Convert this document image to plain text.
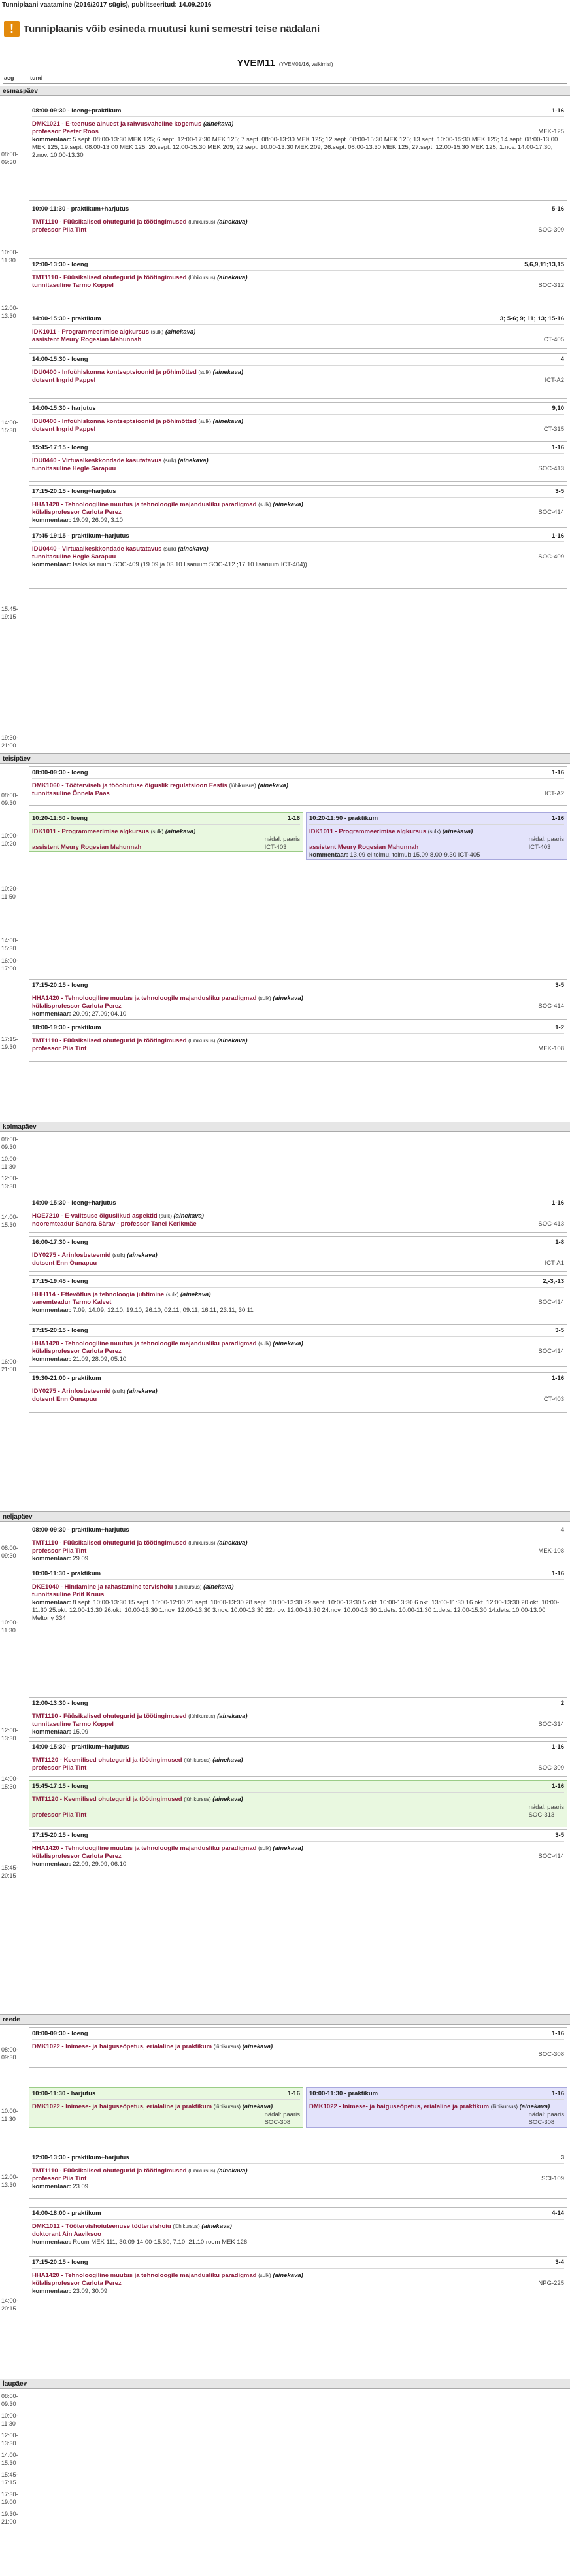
Tunniplaani vaatamine (2016/2017 sügis), publitseeritud: 14.09.2016
!	Tunniplaanis võib esineda muutusi kuni semestri teise nädalani
YVEM11 (YVEM01/16, vaikimisi)
aeg	tund
08:00-09:30 - loeng+praktikum	1-16
DMK1021 - E-teenuse ainuest ja rahvusvaheline kogemus (ainekava)
professor Peeter Roos	MEK-125
kommentaar: 5.sept. 08:00-13:30 MEK 125; 6.sept. 12:00-17:30 MEK 125; 7.sept. 08:00-13:30 MEK 125; 12.sept. 08:00-15:30 MEK 125; 13.sept. 10:00-15:30 MEK 125; 14.sept. 08:00-13:00 MEK 125; 19.sept. 08:00-13:00 MEK 125; 20.sept. 12:00-15:30 MEK 209; 22.sept. 10:00-13:30 MEK 209; 26.sept. 08:00-13:30 MEK 125; 27.sept. 12:00-15:30 MEK 125; 1.nov. 14:00-17:30; 2.nov. 10:00-13:30
10:00-11:30 - praktikum+harjutus	5-16
TMT1110 - Füüsikalised ohutegurid ja töötingimused (lühikursus) (ainekava)
professor Piia Tint	SOC-309
12:00-13:30 - loeng	5,6,9,11;13,15
TMT1110 - Füüsikalised ohutegurid ja töötingimused (lühikursus) (ainekava)
tunnitasuline Tarmo Koppel	SOC-312
14:00-15:30 - praktikum	3; 5-6; 9; 11; 13; 15-16
IDK1011 - Programmeerimise algkursus (sulk) (ainekava)
assistent Meury Rogesian Mahunnah	ICT-405
14:00-15:30 - loeng	4
IDU0400 - Infoühiskonna kontseptsioonid ja põhimõtted (sulk) (ainekava)
dotsent Ingrid Pappel	ICT-A2
14:00-15:30 - harjutus	9,10
IDU0400 - Infoühiskonna kontseptsioonid ja põhimõtted (sulk) (ainekava)
dotsent Ingrid Pappel	ICT-315
15:45-17:15 - loeng	1-16
IDU0440 - Virtuaalkeskkondade kasutatavus (sulk) (ainekava)
tunnitasuline Hegle Sarapuu	SOC-413
17:15-20:15 - loeng+harjutus	3-5
HHA1420 - Tehnoloogiline muutus ja tehnoloogile majandusliku paradigmad (sulk) (ainekava)
külalisprofessor Carlota Perez	SOC-414
kommentaar: 19.09; 26.09; 3.10
17:45-19:15 - praktikum+harjutus	1-16
IDU0440 - Virtuaalkeskkondade kasutatavus (sulk) (ainekava)
tunnitasuline Hegle Sarapuu	SOC-409
kommentaar: Isaks ka ruum SOC-409 (19.09 ja 03.10 lisaruum SOC-412 ;17.10 lisaruum ICT-404))
08:00-09:30 - loeng	1-16
DMK1060 - Tööterviseh ja tööohutuse õiguslik regulatsioon Eestis (lühikursus) (ainekava)
tunnitasuline Õnnela Paas	ICT-A2
10:20-11:50 - loeng	1-16
IDK1011 - Programmeerimise algkursus (sulk) (ainekava)
assistent Meury Rogesian Mahunnah
nädal: paaris
ICT-403
10:20-11:50 - praktikum	1-16
IDK1011 - Programmeerimise algkursus (sulk) (ainekava)
assistent Meury Rogesian Mahunnah
nädal: paaris
ICT-403
kommentaar: 13.09 ei toimu, toimub 15.09 8.00-9.30 ICT-405
17:15-20:15 - loeng	3-5
HHA1420 - Tehnoloogiline muutus ja tehnoloogile majandusliku paradigmad (sulk) (ainekava)
külalisprofessor Carlota Perez	SOC-414
kommentaar: 20.09; 27.09; 04.10
18:00-19:30 - praktikum	1-2
TMT1110 - Füüsikalised ohutegurid ja töötingimused (lühikursus) (ainekava)
professor Piia Tint	MEK-108
14:00-15:30 - loeng+harjutus	1-16
HOE7210 - E-valitsuse õiguslikud aspektid (sulk) (ainekava)
nooremteadur Sandra Särav - professor Tanel Kerikmäe	SOC-413
16:00-17:30 - loeng	1-8
IDY0275 - Ärinfosüsteemid (sulk) (ainekava)
dotsent Enn Õunapuu	ICT-A1
17:15-19:45 - loeng	2,-3,-13
HHH114 - Ettevõtlus ja tehnoloogia juhtimine (sulk) (ainekava)
vanemteadur Tarmo Kalvet	SOC-414
kommentaar: 7.09; 14.09; 12.10; 19.10; 26.10; 02.11; 09.11; 16.11; 23.11; 30.11
17:15-20:15 - loeng	3-5
HHA1420 - Tehnoloogiline muutus ja tehnoloogile majandusliku paradigmad (sulk) (ainekava)
külalisprofessor Carlota Perez	SOC-414
kommentaar: 21.09; 28.09; 05.10
19:30-21:00 - praktikum	1-16
IDY0275 - Ärinfosüsteemid (sulk) (ainekava)
dotsent Enn Õunapuu	ICT-403
08:00-09:30 - praktikum+harjutus	4
TMT1110 - Füüsikalised ohutegurid ja töötingimused (lühikursus) (ainekava)
professor Piia Tint	MEK-108
kommentaar: 29.09
10:00-11:30 - praktikum	1-16
DKE1040 - Hindamine ja rahastamine tervishoiu (lühikursus) (ainekava)
tunnitasuline Priit Kruus
kommentaar: 8.sept. 10:00-13:30 15.sept. 10:00-12:00 21.sept. 10:00-13:30 28.sept. 10:00-13:30 29.sept. 10:00-13:30 5.okt. 10:00-13:30 6.okt. 13:00-11:30 16.okt. 12:00-13:30 20.okt. 10:00-11:30 25.okt. 12:00-13:30 26.okt. 10:00-13:30 1.nov. 12:00-13:30 3.nov. 10:00-13:30 22.nov. 12:00-13:30 24.nov. 10:00-13:30 1.dets. 10:00-11:30 1.dets. 12:00-15:30 14.dets. 10:00-13:00 Meltony 334
12:00-13:30 - loeng	2
TMT1110 - Füüsikalised ohutegurid ja töötingimused (lühikursus) (ainekava)
tunnitasuline Tarmo Koppel	SOC-314
kommentaar: 15.09
14:00-15:30 - praktikum+harjutus	1-16
TMT1120 - Keemilised ohutegurid ja töötingimused (lühikursus) (ainekava)
professor Piia Tint	SOC-309
15:45-17:15 - loeng	1-16
TMT1120 - Keemilised ohutegurid ja töötingimused (lühikursus) (ainekava)
professor Piia Tint
nädal: paaris
SOC-313
17:15-20:15 - loeng	3-5
HHA1420 - Tehnoloogiline muutus ja tehnoloogile majandusliku paradigmad (sulk) (ainekava)
külalisprofessor Carlota Perez	SOC-414
kommentaar: 22.09; 29.09; 06.10
08:00-09:30 - loeng	1-16
DMK1022 - Inimese- ja haiguseõpetus, erialaline ja praktikum (lühikursus) (ainekava)
SOC-308
10:00-11:30 - harjutus	1-16
DMK1022 - Inimese- ja haiguseõpetus, erialaline ja praktikum (lühikursus) (ainekava)
nädal: paaris
SOC-308
10:00-11:30 - praktikum	1-16
DMK1022 - Inimese- ja haiguseõpetus, erialaline ja praktikum (lühikursus) (ainekava)
nädal: paaris
SOC-308
12:00-13:30 - praktikum+harjutus	3
TMT1110 - Füüsikalised ohutegurid ja töötingimused (lühikursus) (ainekava)
professor Piia Tint	SCI-109
kommentaar: 23.09
14:00-18:00 - praktikum	4-14
DMK1012 - Töötervishoiuteenuse töötervishoiu (lühikursus) (ainekava)
doktorant Ain Aaviksoo
kommentaar: Room MEK 111, 30.09 14:00-15:30; 7.10, 21.10 room MEK 126
17:15-20:15 - loeng	3-4
HHA1420 - Tehnoloogiline muutus ja tehnoloogile majandusliku paradigmad (sulk) (ainekava)
külalisprofessor Carlota Perez	NPG-225
kommentaar: 23.09; 30.09
esmaspäev
teisipäev
kolmapäev
neljapäev
reede
laupäev
08:00-
09:30
10:00-
11:30
12:00-
13:30
14:00-
15:30
15:45-
19:15
19:30-
21:00
08:00-
09:30
10:00-
10:20
10:20-
11:50
14:00-
15:30
16:00-
17:00
17:15-
19:30
08:00-
09:30
10:00-
11:30
12:00-
13:30
14:00-
15:30
16:00-
21:00
08:00-
09:30
10:00-
11:30
12:00-
13:30
14:00-
15:30
15:45-
20:15
08:00-
09:30
10:00-
11:30
12:00-
13:30
14:00-
20:15
08:00-
09:30
10:00-
11:30
12:00-
13:30
14:00-
15:30
15:45-
17:15
17:30-
19:00
19:30-
21:00
